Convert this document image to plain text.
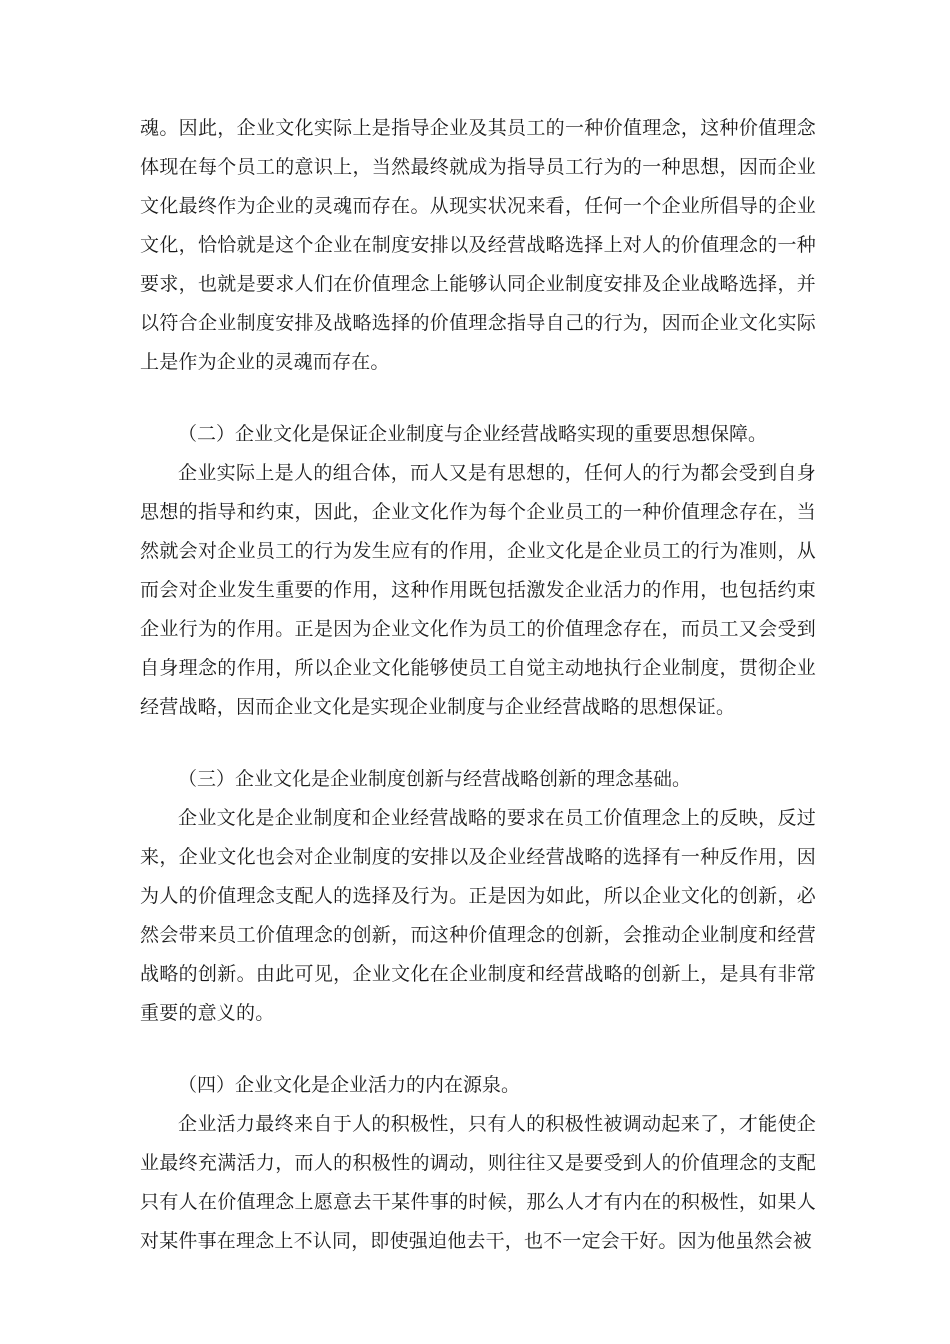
魂。因此，企业文化实际上是指导企业及其员工的一种价值理念，这种价值理念体现在每个员工的意识上，当然最终就成为指导员工行为的一种思想，因而企业文化最终作为企业的灵魂而存在。从现实状况来看，任何一个企业所倡导的企业文化，恰恰就是这个企业在制度安排以及经营战略选择上对人的价值理念的一种要求，也就是要求人们在价值理念上能够认同企业制度安排及企业战略选择，并以符合企业制度安排及战略选择的价值理念指导自己的行为，因而企业文化实际上是作为企业的灵魂而存在。

（二）企业文化是保证企业制度与企业经营战略实现的重要思想保障。

企业实际上是人的组合体，而人又是有思想的，任何人的行为都会受到自身思想的指导和约束，因此，企业文化作为每个企业员工的一种价值理念存在，当然就会对企业员工的行为发生应有的作用，企业文化是企业员工的行为准则，从而会对企业发生重要的作用，这种作用既包括激发企业活力的作用，也包括约束企业行为的作用。正是因为企业文化作为员工的价值理念存在，而员工又会受到自身理念的作用，所以企业文化能够使员工自觉主动地执行企业制度，贯彻企业经营战略，因而企业文化是实现企业制度与企业经营战略的思想保证。

（三）企业文化是企业制度创新与经营战略创新的理念基础。

企业文化是企业制度和企业经营战略的要求在员工价值理念上的反映，反过来，企业文化也会对企业制度的安排以及企业经营战略的选择有一种反作用，因为人的价值理念支配人的选择及行为。正是因为如此，所以企业文化的创新，必然会带来员工价值理念的创新，而这种价值理念的创新，会推动企业制度和经营战略的创新。由此可见，企业文化在企业制度和经营战略的创新上，是具有非常重要的意义的。

（四）企业文化是企业活力的内在源泉。

企业活力最终来自于人的积极性，只有人的积极性被调动起来了，才能使企业最终充满活力，而人的积极性的调动，则往往又是要受到人的价值理念的支配只有人在价值理念上愿意去干某件事的时候，那么人才有内在的积极性，如果人对某件事在理念上不认同，即使强迫他去干，也不一定会干好。因为他虽然会被
